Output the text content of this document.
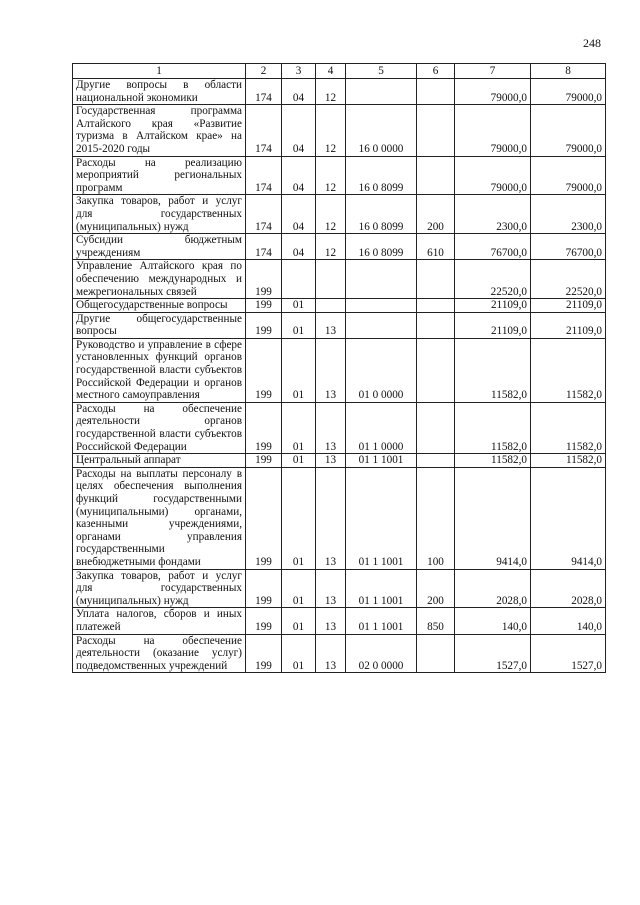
248
1	2	3	4	5	6	7	8
Другие вопросы в области национальной экономики	174	04	12			79000,0	79000,0
Государственная программа Алтайского края «Развитие туризма в Алтайском крае» на 2015-2020 годы	174	04	12	16 0 0000		79000,0	79000,0
Расходы на реализацию мероприятий региональных программ	174	04	12	16 0 8099		79000,0	79000,0
Закупка товаров, работ и услуг для государственных (муниципальных) нужд	174	04	12	16 0 8099	200	2300,0	2300,0
Субсидии бюджетным учреждениям	174	04	12	16 0 8099	610	76700,0	76700,0
Управление Алтайского края по обеспечению международных и межрегиональных связей	199					22520,0	22520,0
Общегосударственные вопросы	199	01				21109,0	21109,0
Другие общегосударственные вопросы	199	01	13			21109,0	21109,0
Руководство и управление в сфере установленных функций органов государственной власти субъектов Российской Федерации и органов местного самоуправления	199	01	13	01 0 0000		11582,0	11582,0
Расходы на обеспечение деятельности органов государственной власти субъектов Российской Федерации	199	01	13	01 1 0000		11582,0	11582,0
Центральный аппарат	199	01	13	01 1 1001		11582,0	11582,0
Расходы на выплаты персоналу в целях обеспечения выполнения функций государственными (муниципальными) органами, казенными учреждениями, органами управления государственными внебюджетными фондами	199	01	13	01 1 1001	100	9414,0	9414,0
Закупка товаров, работ и услуг для государственных (муниципальных) нужд	199	01	13	01 1 1001	200	2028,0	2028,0
Уплата налогов, сборов и иных платежей	199	01	13	01 1 1001	850	140,0	140,0
Расходы на обеспечение деятельности (оказание услуг) подведомственных учреждений	199	01	13	02 0 0000		1527,0	1527,0
